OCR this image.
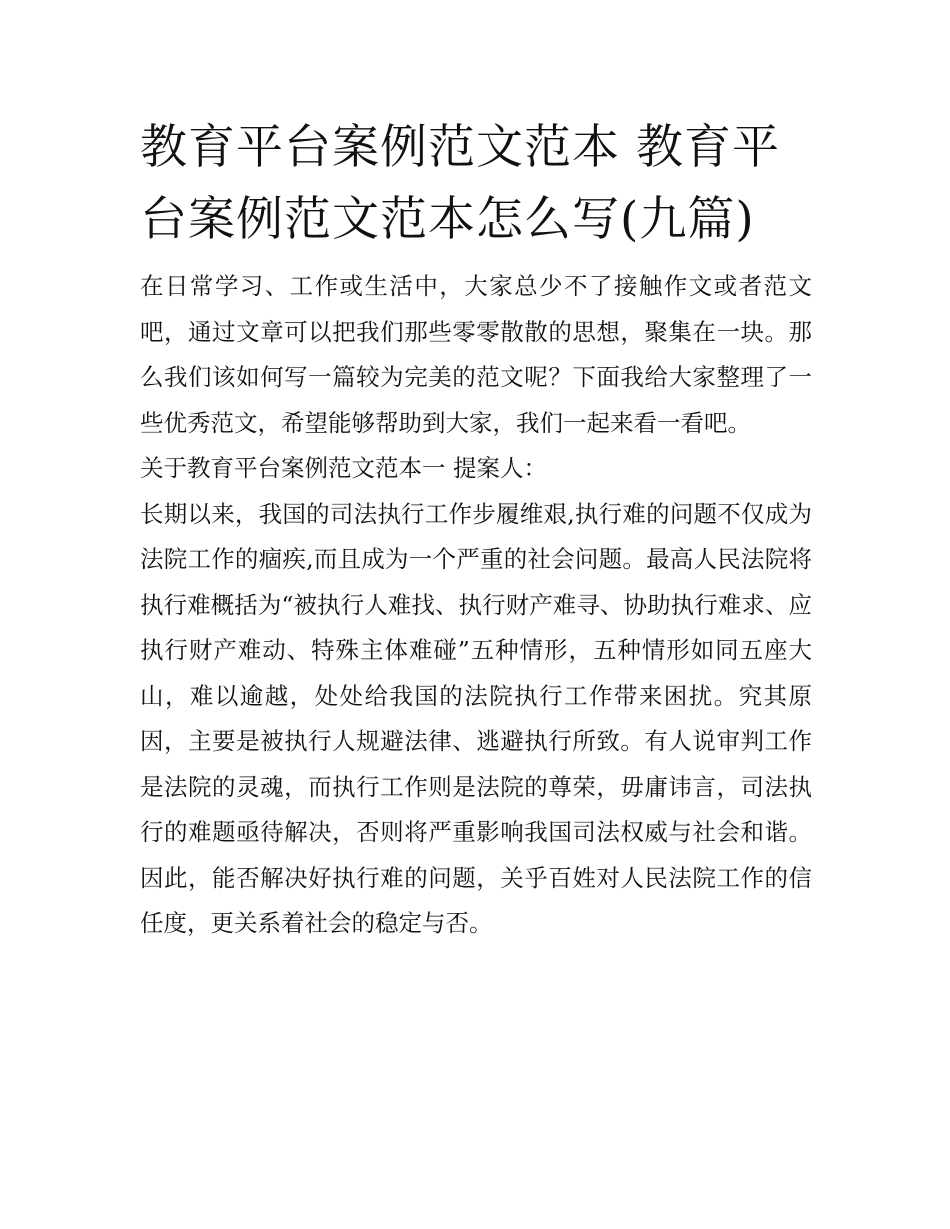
教育平台案例范文范本 教育平台案例范文范本怎么写(九篇)

在日常学习、工作或生活中，大家总少不了接触作文或者范文吧，通过文章可以把我们那些零零散散的思想，聚集在一块。那么我们该如何写一篇较为完美的范文呢？下面我给大家整理了一些优秀范文，希望能够帮助到大家，我们一起来看一看吧。

关于教育平台案例范文范本一 提案人：

长期以来，我国的司法执行工作步履维艰,执行难的问题不仅成为法院工作的痼疾,而且成为一个严重的社会问题。最高人民法院将执行难概括为“被执行人难找、执行财产难寻、协助执行难求、应执行财产难动、特殊主体难碰”五种情形，五种情形如同五座大山，难以逾越，处处给我国的法院执行工作带来困扰。究其原因，主要是被执行人规避法律、逃避执行所致。有人说审判工作是法院的灵魂，而执行工作则是法院的尊荣，毋庸讳言，司法执行的难题亟待解决，否则将严重影响我国司法权威与社会和谐。因此，能否解决好执行难的问题，关乎百姓对人民法院工作的信任度，更关系着社会的稳定与否。
